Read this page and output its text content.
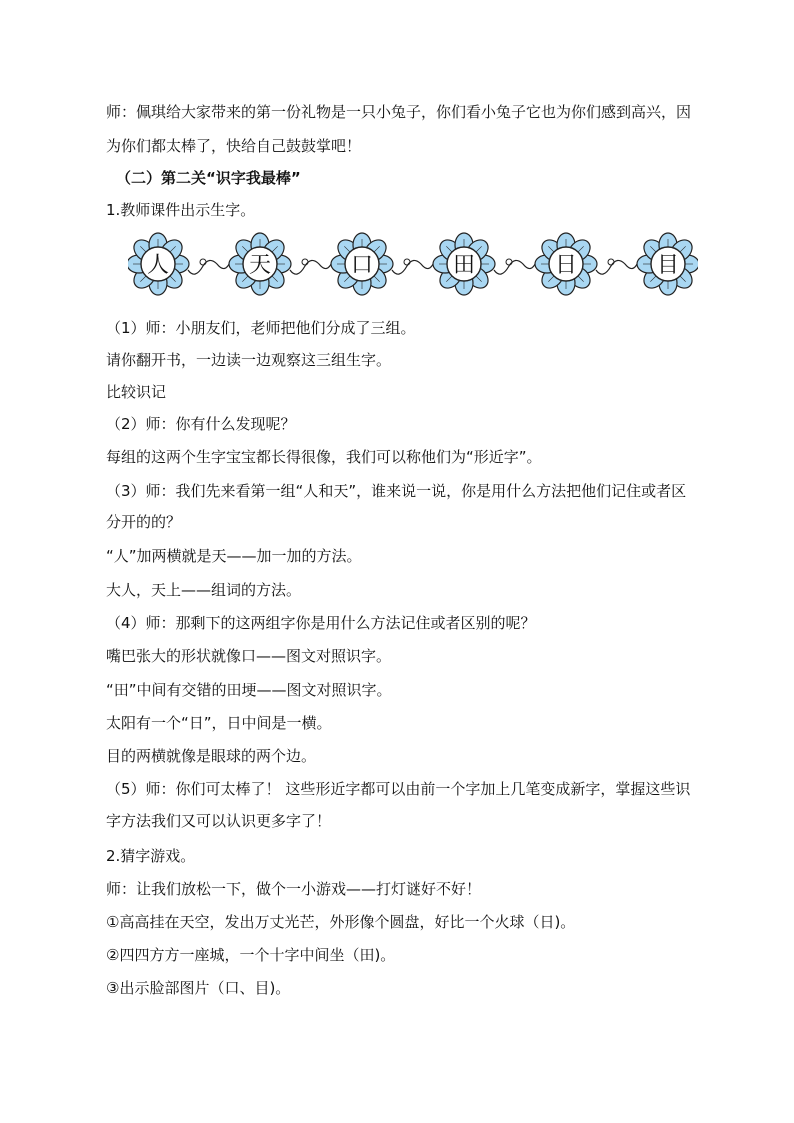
师：佩琪给大家带来的第一份礼物是一只小兔子，你们看小兔子它也为你们感到高兴，因
为你们都太棒了，快给自己鼓鼓掌吧！
（二）第二关“识字我最棒”
1.教师课件出示生字。
人	天	口	田	日	目
（1）师：小朋友们，老师把他们分成了三组。
请你翻开书，一边读一边观察这三组生字。
比较识记
（2）师：你有什么发现呢？
每组的这两个生字宝宝都长得很像，我们可以称他们为“形近字”。
（3）师：我们先来看第一组“人和天”，谁来说一说，你是用什么方法把他们记住或者区
分开的的？
“人”加两横就是天——加一加的方法。
大人，天上——组词的方法。
（4）师：那剩下的这两组字你是用什么方法记住或者区别的呢？
嘴巴张大的形状就像口——图文对照识字。
“田”中间有交错的田埂——图文对照识字。
太阳有一个“日”，日中间是一横。
目的两横就像是眼球的两个边。
（5）师：你们可太棒了！ 这些形近字都可以由前一个字加上几笔变成新字，掌握这些识
字方法我们又可以认识更多字了！
2.猜字游戏。
师：让我们放松一下，做个一小游戏——打灯谜好不好！
①高高挂在天空，发出万丈光芒，外形像个圆盘，好比一个火球（日)。
②四四方方一座城，一个十字中间坐（田)。
③出示脸部图片（口、目)。
